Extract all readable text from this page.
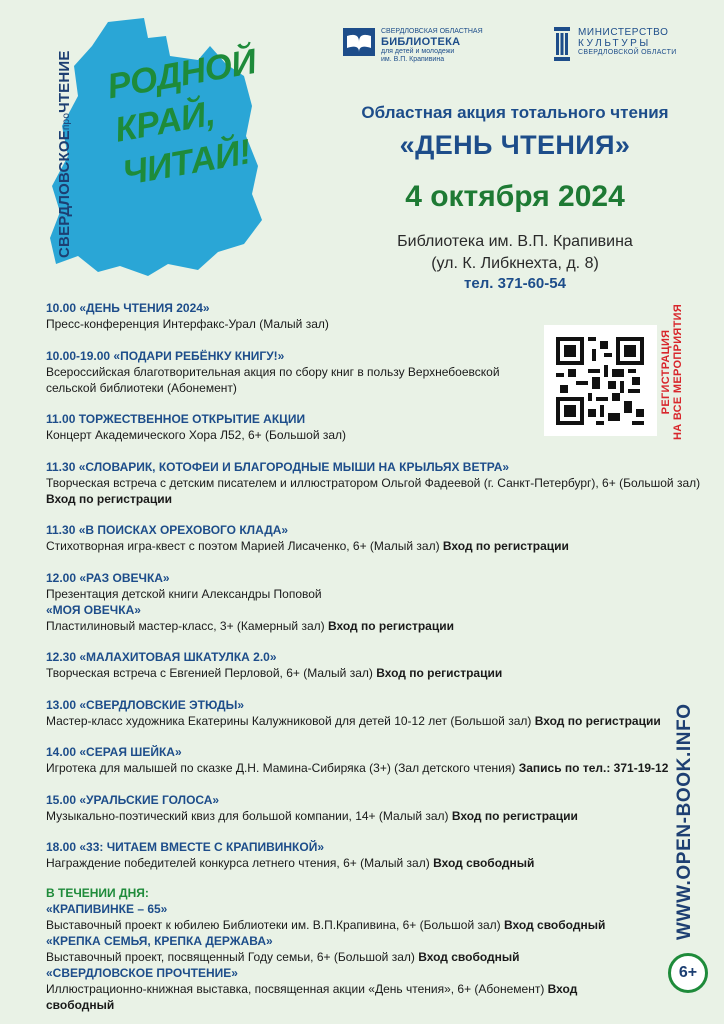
РОДНОЙ
КРАЙ,
ЧИТАЙ!
СВЕРДЛОВСКОЕпроЧТЕНИЕ
СВЕРДЛОВСКАЯ ОБЛАСТНАЯ
БИБЛИОТЕКА
для детей и молодежи
им. В.П. Крапивина
МИНИСТЕРСТВО
КУЛЬТУРЫ
СВЕРДЛОВСКОЙ ОБЛАСТИ
Областная акция тотального чтения
«ДЕНЬ ЧТЕНИЯ»
4 октября 2024
Библиотека им. В.П. Крапивина
(ул. К. Либкнехта, д. 8)
тел. 371-60-54
РЕГИСТРАЦИЯ НА ВСЕ МЕРОПРИЯТИЯ
10.00 «ДЕНЬ ЧТЕНИЯ 2024»
Пресс-конференция Интерфакс-Урал (Малый зал)
10.00-19.00 «ПОДАРИ РЕБЁНКУ КНИГУ!»
Всероссийская благотворительная акция по сбору книг в пользу Верхнебоевской
сельской библиотеки (Абонемент)
11.00 ТОРЖЕСТВЕННОЕ ОТКРЫТИЕ АКЦИИ
Концерт Академического Хора Л52, 6+ (Большой зал)
11.30 «СЛОВАРИК, КОТОФЕИ И БЛАГОРОДНЫЕ МЫШИ НА КРЫЛЬЯХ ВЕТРА»
Творческая встреча с детским писателем и иллюстратором Ольгой Фадеевой (г. Санкт-Петербург), 6+ (Большой зал)
Вход по регистрации
11.30 «В ПОИСКАХ ОРЕХОВОГО КЛАДА»
Стихотворная игра-квест с поэтом Марией Лисаченко, 6+ (Малый зал) Вход по регистрации
12.00 «РАЗ ОВЕЧКА»
Презентация детской книги Александры Поповой
«МОЯ ОВЕЧКА»
Пластилиновый мастер-класс, 3+ (Камерный зал) Вход по регистрации
12.30 «МАЛАХИТОВАЯ ШКАТУЛКА 2.0»
Творческая встреча с Евгенией Перловой, 6+ (Малый зал) Вход по регистрации
13.00 «СВЕРДЛОВСКИЕ ЭТЮДЫ»
Мастер-класс художника Екатерины Калужниковой для детей 10-12 лет (Большой зал) Вход по регистрации
14.00 «СЕРАЯ ШЕЙКА»
Игротека для малышей по сказке Д.Н. Мамина-Сибиряка (3+) (Зал детского чтения) Запись по тел.: 371-19-12
15.00 «УРАЛЬСКИЕ ГОЛОСА»
Музыкально-поэтический квиз для большой компании, 14+ (Малый зал) Вход по регистрации
18.00 «33: ЧИТАЕМ ВМЕСТЕ С КРАПИВИНКОЙ»
Награждение победителей конкурса летнего чтения, 6+ (Малый зал) Вход свободный
В ТЕЧЕНИИ ДНЯ:
«КРАПИВИНКЕ – 65»
Выставочный проект к юбилею Библиотеки им. В.П.Крапивина, 6+ (Большой зал) Вход свободный
«КРЕПКА СЕМЬЯ, КРЕПКА ДЕРЖАВА»
Выставочный проект, посвященный Году семьи, 6+ (Большой зал) Вход свободный
«СВЕРДЛОВСКОЕ ПРОЧТЕНИЕ»
Иллюстрационно-книжная выставка, посвященная акции «День чтения», 6+ (Абонемент) Вход свободный
WWW.OPEN-BOOK.INFO
6+
